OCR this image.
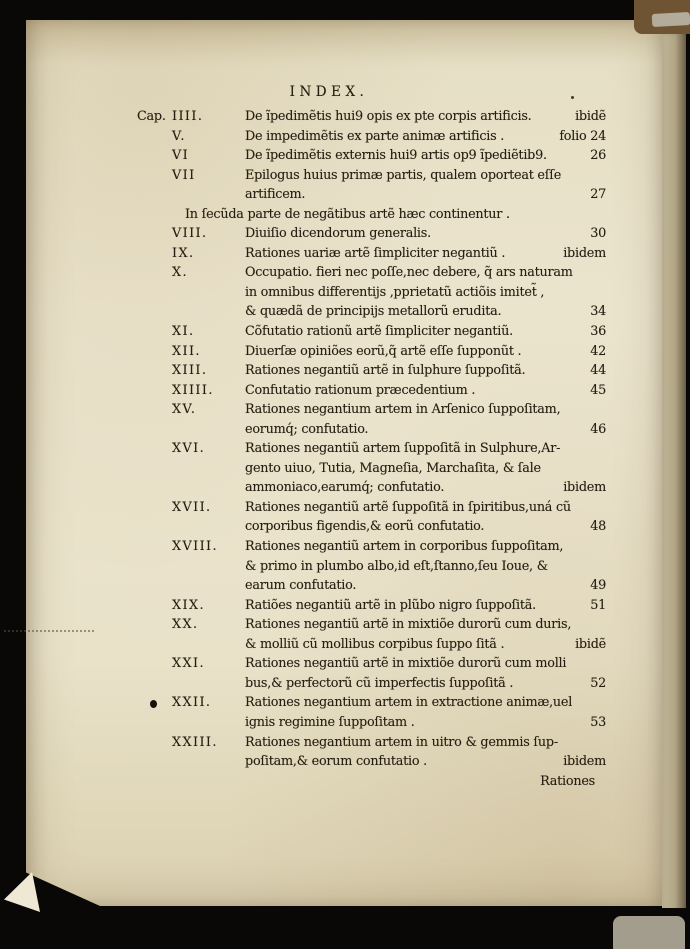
INDEX.
Cap. IIII.	De ĩpedimẽtis hui9 opis ex pte corpis artificis.	ibidẽ
V.	De impedimẽtis ex parte animæ artificis .	folio 24
VI	De ĩpedimẽtis externis hui9 artis op9 ĩpediẽtib9.	26
VII	Epilogus huius primæ partis, qualem oporteat eſſe
artificem.	27
In ſecũda parte de negãtibus artẽ hæc continentur .
VIII.	Diuiſio dicendorum generalis.	30
IX.	Rationes uariæ artẽ ſimpliciter negantiũ .	ibidem
X.	Occupatio. fieri nec poſſe,nec debere, q̃ ars naturam
in omnibus differentijs ,pprietatũ actiõis imitet̃ ,
& quædã de principijs metallorũ erudita.	34
XI.	Cõfutatio rationũ artẽ ſimpliciter negantiũ.	36
XII.	Diuerſæ opiniões eorũ,q̃ artẽ eſſe ſupponũt .	42
XIII.	Rationes negantiũ artẽ in ſulphure ſuppoſitã.	44
XIIII.	Confutatio rationum præcedentium .	45
XV.	Rationes negantium artem in Arſenico ſuppoſitam,
eorumq́; confutatio.	46
XVI.	Rationes negantiũ artem ſuppoſitã in Sulphure,Ar-
gento uiuo, Tutia, Magneſia, Marchaſita, & ſale
ammoniaco,earumq́; confutatio.	ibidem
XVII.	Rationes negantiũ artẽ ſuppoſitã in ſpiritibus,uná cũ
corporibus figendis,& eorũ confutatio.	48
XVIII.	Rationes negantiũ artem in corporibus ſuppoſitam,
& primo in plumbo albo,id eſt,ſtanno,ſeu Ioue, &
earum confutatio.	49
XIX.	Ratiões negantiũ artẽ in plũbo nigro ſuppoſitã.	51
XX.	Rationes negantiũ artẽ in mixtiõe durorũ cum duris,
& molliũ cũ mollibus corpibus ſuppo ſitã .	ibidẽ
XXI.	Rationes negantiũ artẽ in mixtiõe durorũ cum molli
bus,& perfectorũ cũ imperfectis ſuppoſitã .	52
XXII.	Rationes negantium artem in extractione animæ,uel
ignis regimine ſuppoſitam .	53
XXIII.	Rationes negantium artem in uitro & gemmis ſup-
poſitam,& eorum confutatio .	ibidem
Rationes
